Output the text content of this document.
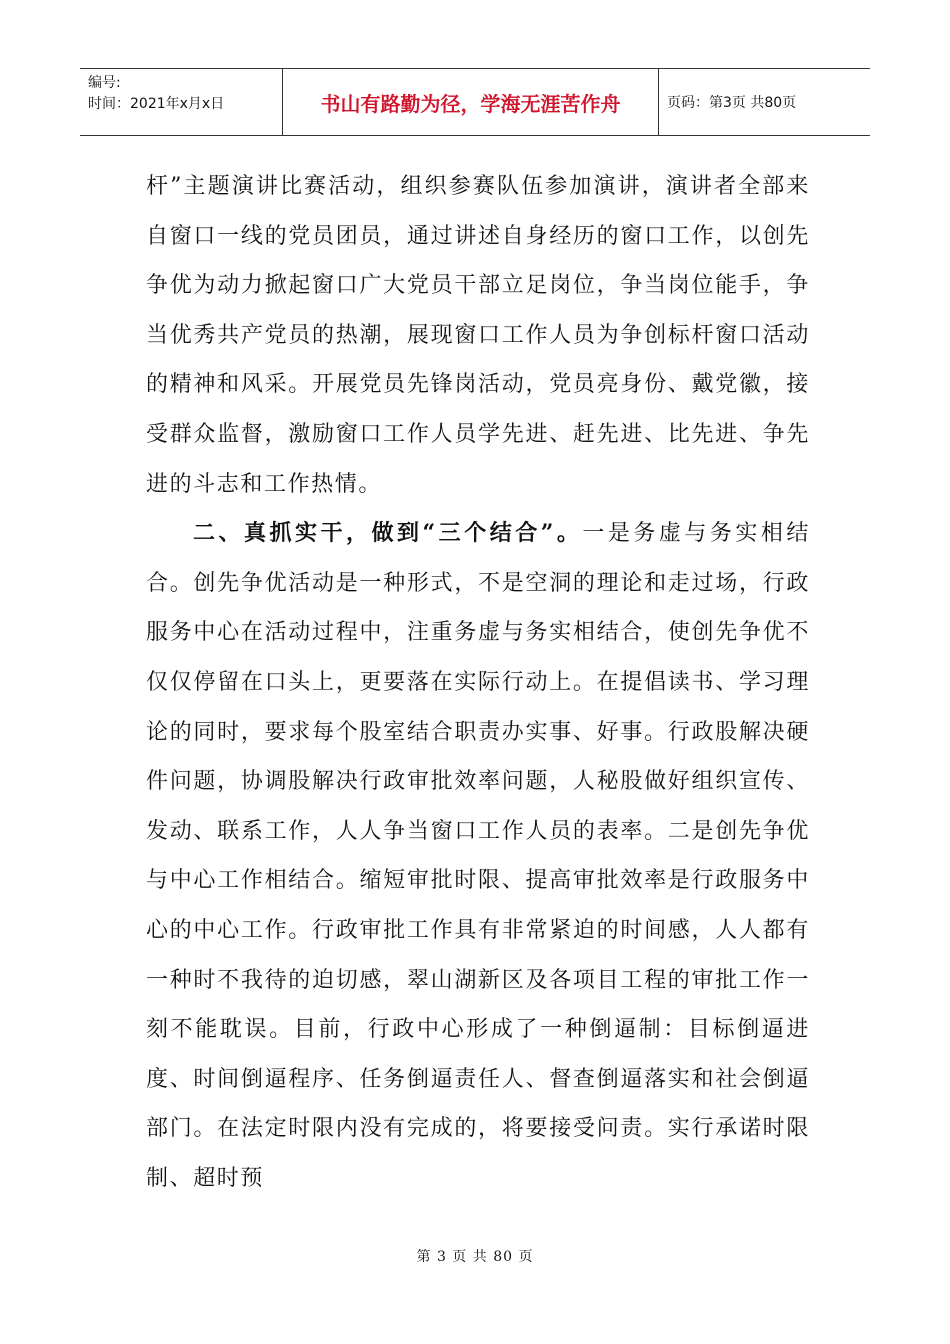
编号:
时间：2021年x月x日	书山有路勤为径，学海无涯苦作舟	页码：第3页 共80页

杆”主题演讲比赛活动，组织参赛队伍参加演讲，演讲者全部来自窗口一线的党员团员，通过讲述自身经历的窗口工作，以创先争优为动力掀起窗口广大党员干部立足岗位，争当岗位能手，争当优秀共产党员的热潮，展现窗口工作人员为争创标杆窗口活动的精神和风采。开展党员先锋岗活动，党员亮身份、戴党徽，接受群众监督，激励窗口工作人员学先进、赶先进、比先进、争先进的斗志和工作热情。

二、真抓实干，做到“三个结合”。一是务虚与务实相结合。创先争优活动是一种形式，不是空洞的理论和走过场，行政服务中心在活动过程中，注重务虚与务实相结合，使创先争优不仅仅停留在口头上，更要落在实际行动上。在提倡读书、学习理论的同时，要求每个股室结合职责办实事、好事。行政股解决硬件问题，协调股解决行政审批效率问题，人秘股做好组织宣传、发动、联系工作，人人争当窗口工作人员的表率。二是创先争优与中心工作相结合。缩短审批时限、提高审批效率是行政服务中心的中心工作。行政审批工作具有非常紧迫的时间感，人人都有一种时不我待的迫切感，翠山湖新区及各项目工程的审批工作一刻不能耽误。目前，行政中心形成了一种倒逼制：目标倒逼进度、时间倒逼程序、任务倒逼责任人、督查倒逼落实和社会倒逼部门。在法定时限内没有完成的，将要接受问责。实行承诺时限制、超时预

第 3 页 共 80 页
